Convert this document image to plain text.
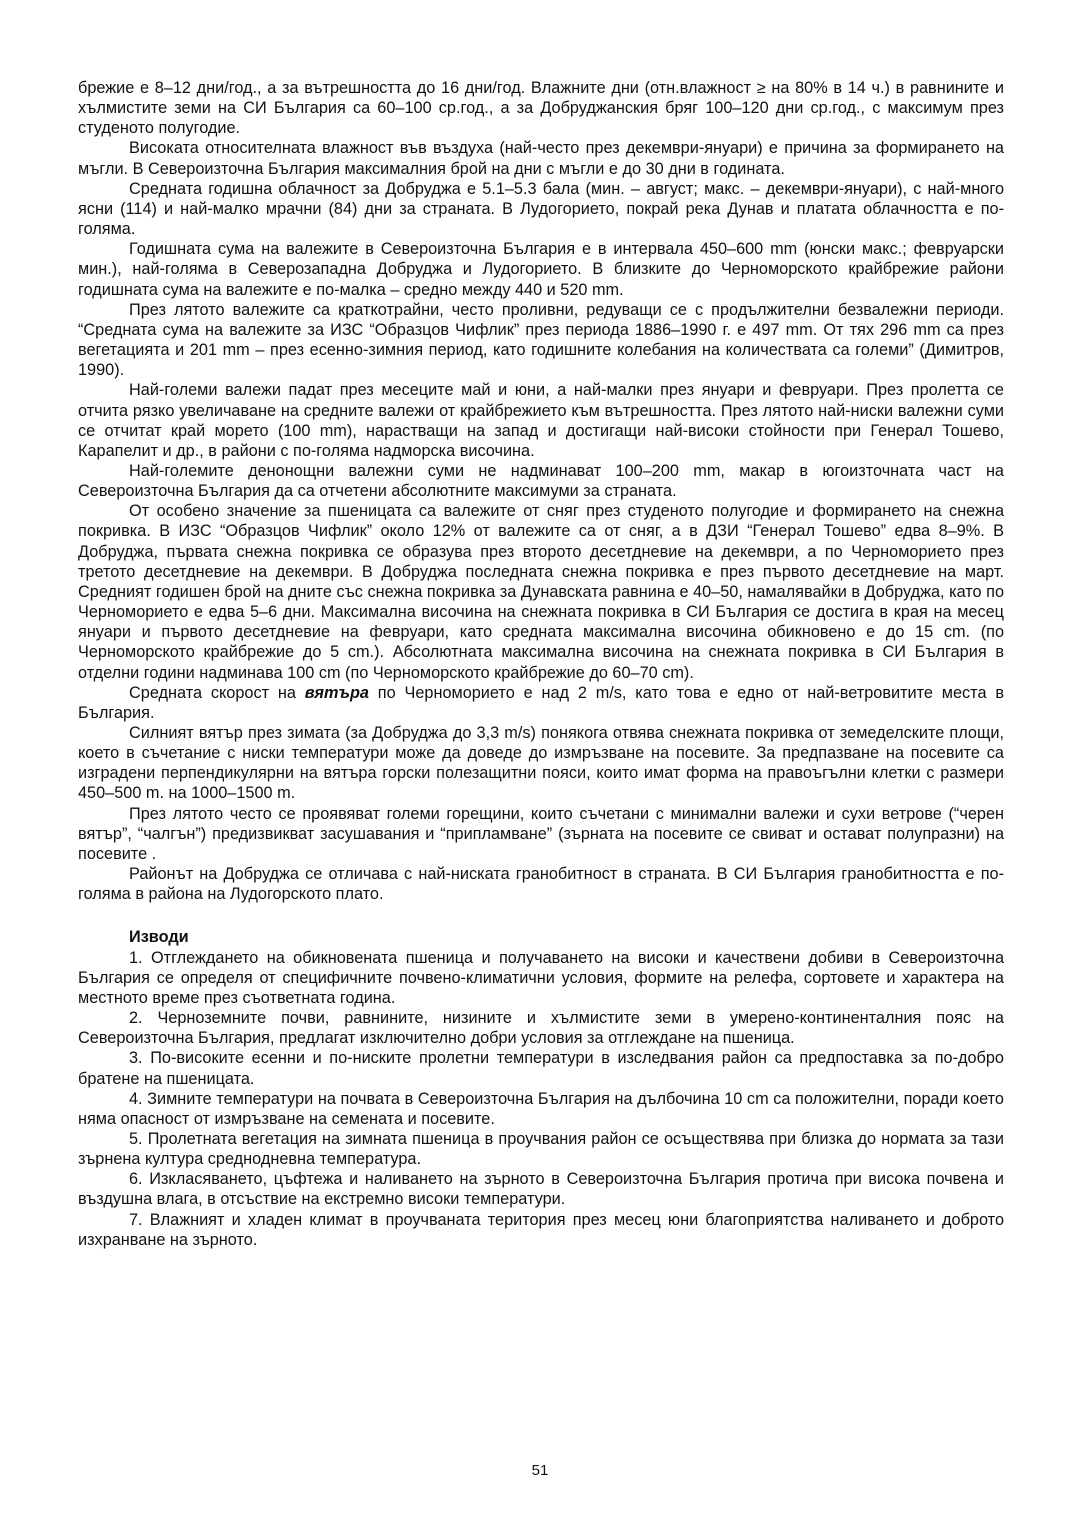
брежие е 8–12 дни/год., а за вътрешността до 16 дни/год. Влажните дни (отн.влажност ≥ на 80% в 14 ч.) в равнините и хълмистите земи на СИ България са 60–100 ср.год., а за Добруджанския бряг 100–120 дни ср.год., с максимум през студеното полугодие.

Високата относителната влажност във въздуха (най-често през декември-януари) е причина за формирането на мъгли. В Североизточна България максималния брой на дни с мъгли е до 30 дни в годината.

Средната годишна облачност за Добруджа е 5.1–5.3 бала (мин. – август; макс. – декември-януари), с най-много ясни (114) и най-малко мрачни (84) дни за страната. В Лудогорието, покрай река Дунав и платата облачността е по-голяма.

Годишната сума на валежите в Североизточна България е в интервала 450–600 mm (юнски макс.; февруарски мин.), най-голяма в Северозападна Добруджа и Лудогорието. В близките до Черноморското крайбрежие райони годишната сума на валежите е по-малка – средно между 440 и 520 mm.

През лятото валежите са краткотрайни, често проливни, редуващи се с продължителни безвалежни периоди. “Средната сума на валежите за ИЗС “Образцов Чифлик” през периода 1886–1990 г. е 497 mm. От тях 296 mm са през вегетацията и 201 mm – през есенно-зимния период, като годишните колебания на количествата са големи” (Димитров, 1990).

Най-големи валежи падат през месеците май и юни, а най-малки през януари и февруари. През пролетта се отчита рязко увеличаване на средните валежи от крайбрежието към вътрешността. През лятото най-ниски валежни суми се отчитат край морето (100 mm), нарастващи на запад и достигащи най-високи стойности при Генерал Тошево, Карапелит и др., в райони с по-голяма надморска височина.

Най-големите денонощни валежни суми не надминават 100–200 mm, макар в югоизточната част на Североизточна България да са отчетени абсолютните максимуми за страната.

От особено значение за пшеницата са валежите от сняг през студеното полугодие и формирането на снежна покривка. В ИЗС “Образцов Чифлик” около 12% от валежите са от сняг, а в ДЗИ “Генерал Тошево” едва 8–9%. В Добруджа, първата снежна покривка се образува през второто десетдневие на декември, а по Черноморието през третото десетдневие на декември. В Добруджа последната снежна покривка е през първото десетдневие на март. Средният годишен брой на дните със снежна покривка за Дунавската равнина е 40–50, намалявайки в Добруджа, като по Черноморието е едва 5–6 дни. Максимална височина на снежната покривка в СИ България се достига в края на месец януари и първото десетдневие на февруари, като средната максимална височина обикновено е до 15 cm. (по Черноморското крайбрежие до 5 cm.). Абсолютната максимална височина на снежната покривка в СИ България в отделни години надминава 100 cm (по Черноморското крайбрежие до 60–70 cm).

Средната скорост на вятъра по Черноморието е над 2 m/s, като това е едно от най-ветровитите места в България.

Силният вятър през зимата (за Добруджа до 3,3 m/s) понякога отвява снежната покривка от земеделските площи, което в съчетание с ниски температури може да доведе до измръзване на посевите. За предпазване на посевите са изградени перпендикулярни на вятъра горски полезащитни пояси, които имат форма на правоъгълни клетки с размери 450–500 m. на 1000–1500 m.

През лятото често се проявяват големи горещини, които съчетани с минимални валежи и сухи ветрове (“черен вятър”, “чалгън”) предизвикват засушавания и “припламване” (зърната на посевите се свиват и остават полупразни) на посевите .

Районът на Добруджа се отличава с най-ниската гранобитност в страната. В СИ България гранобитността е по-голяма в района на Лудогорското плато.

Изводи

1. Отглеждането на обикновената пшеница и получаването на високи и качествени добиви в Североизточна България се определя от специфичните почвено-климатични условия, формите на релефа, сортовете и характера на местното време през съответната година.

2. Черноземните почви, равнините, низините и хълмистите земи в умерено-континенталния пояс на Североизточна България, предлагат изключително добри условия за отглеждане на пшеница.

3. По-високите есенни и по-ниските пролетни температури в изследвания район са предпоставка за по-добро братене на пшеницата.

4. Зимните температури на почвата в Североизточна България на дълбочина 10 cm са положителни, поради което няма опасност от измръзване на семената и посевите.

5. Пролетната вегетация на зимната пшеница в проучвания район се осъществява при близка до нормата за тази зърнена култура средноднeвна температура.

6. Изкласяването, цъфтежа и наливането на зърното в Североизточна България протича при висока почвена и въздушна влага, в отсъствие на екстремно високи температури.

7. Влажният и хладен климат в проучваната територия през месец юни благоприятства наливането и доброто изхранване на зърното.

51
